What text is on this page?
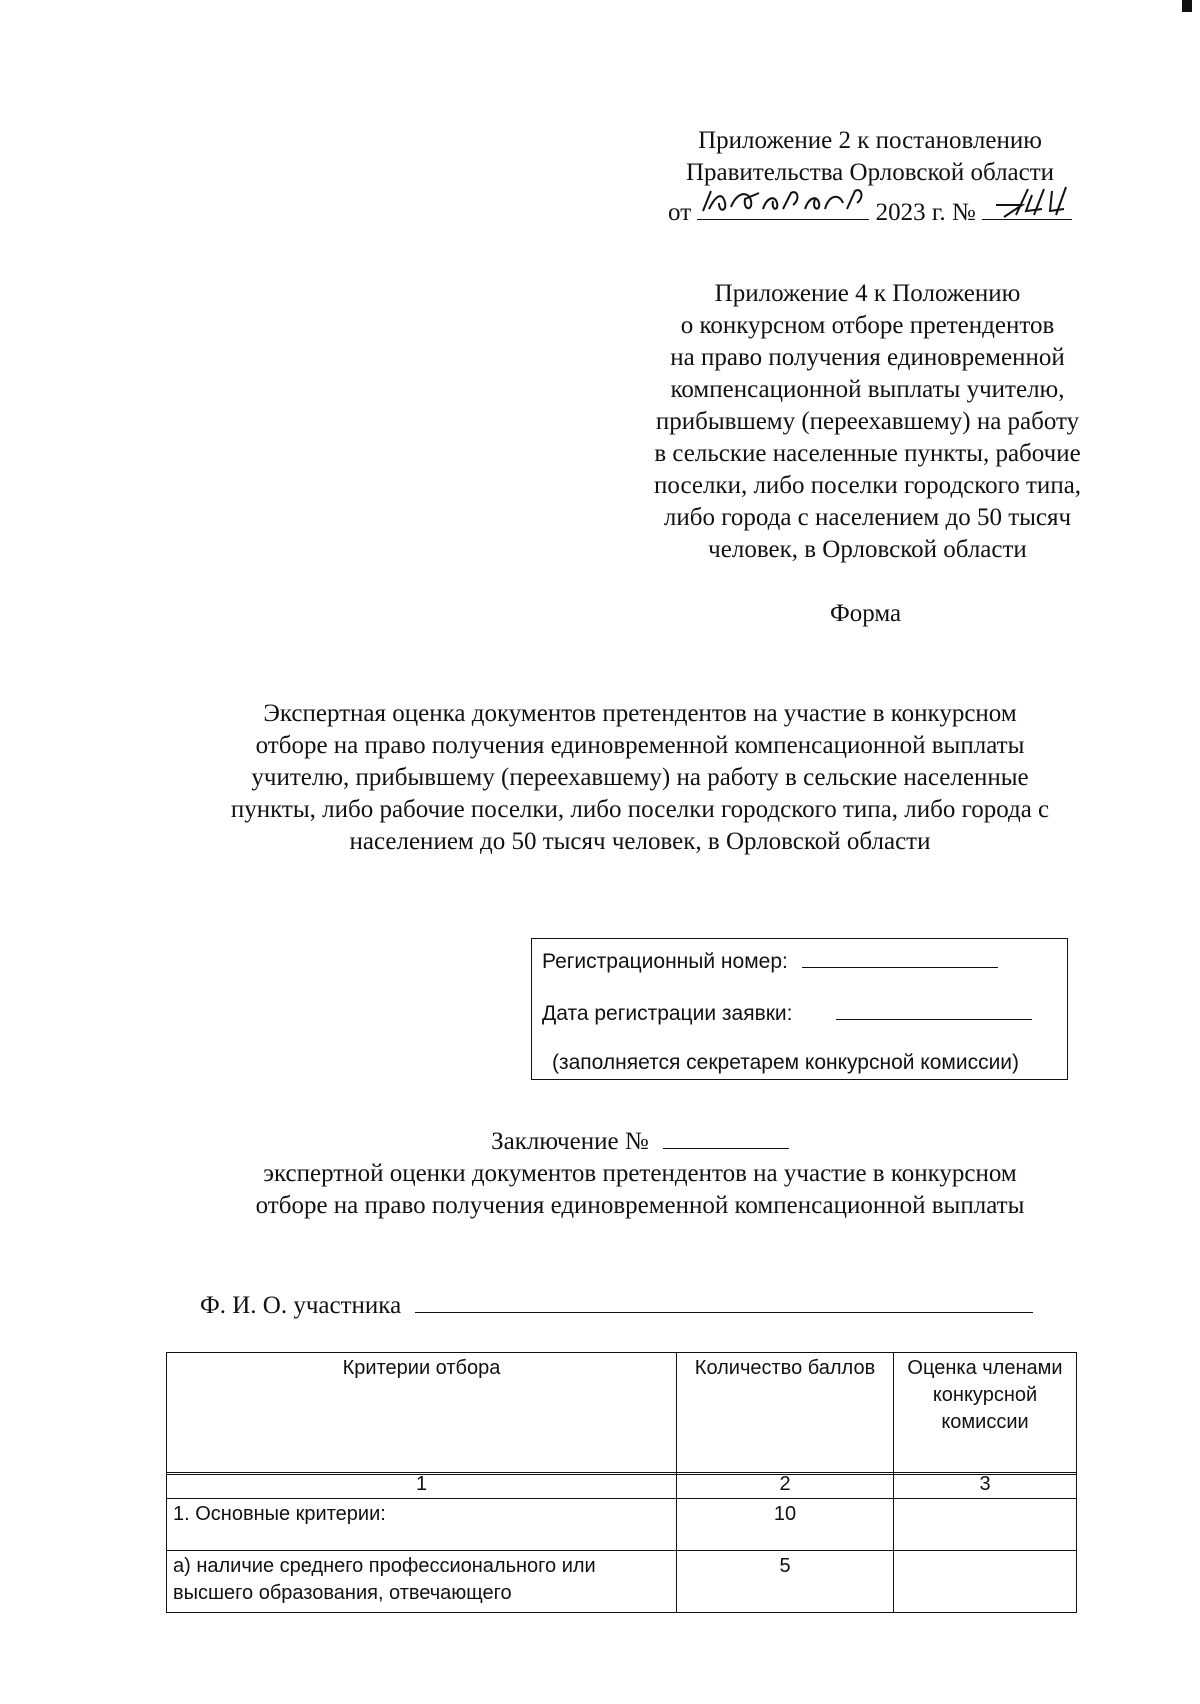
Приложение 2 к постановлению
Правительства Орловской области
от	2023 г. №
Приложение 4 к Положению
о конкурсном отборе претендентов
на право получения единовременной
компенсационной выплаты учителю,
прибывшему (переехавшему) на работу
в сельские населенные пункты, рабочие
поселки, либо поселки городского типа,
либо города с населением до 50 тысяч
человек, в Орловской области
Форма
Экспертная оценка документов претендентов на участие в конкурсном
отборе на право получения единовременной компенсационной выплаты
учителю, прибывшему (переехавшему) на работу в сельские населенные
пункты, либо рабочие поселки, либо поселки городского типа, либо города с
населением до 50 тысяч человек, в Орловской области
Регистрационный номер:
Дата регистрации заявки:
(заполняется секретарем конкурсной комиссии)
Заключение №
экспертной оценки документов претендентов на участие в конкурсном
отборе на право получения единовременной компенсационной выплаты
Ф. И. О. участника
Критерии отбора	Количество баллов	Оценка членами конкурсной комиссии
1	2	3
1. Основные критерии:	10	
а) наличие среднего профессионального или высшего образования, отвечающего	5	
